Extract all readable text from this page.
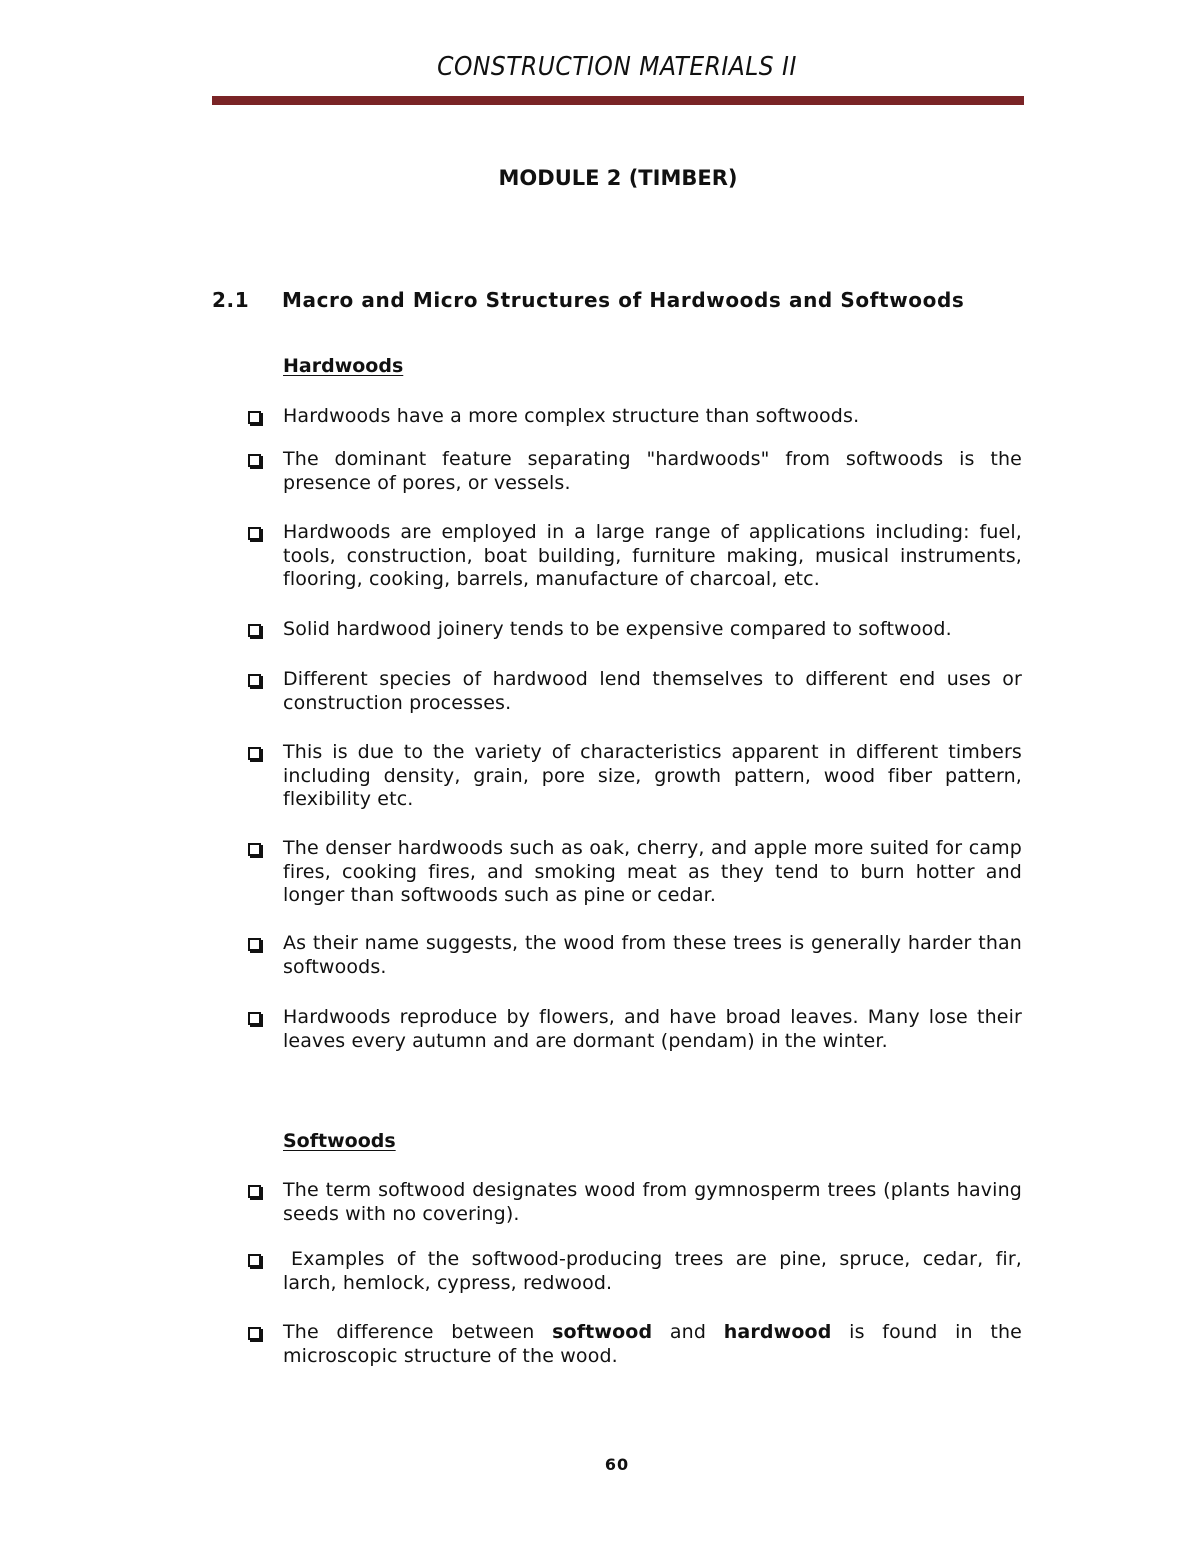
CONSTRUCTION MATERIALS II
MODULE 2 (TIMBER)
2.1 Macro and Micro Structures of Hardwoods and Softwoods
Hardwoods
Hardwoods have a more complex structure than softwoods.
The dominant feature separating "hardwoods" from softwoods is the presence of pores, or vessels.
Hardwoods are employed in a large range of applications including: fuel, tools, construction, boat building, furniture making, musical instruments, flooring, cooking, barrels, manufacture of charcoal, etc.
Solid hardwood joinery tends to be expensive compared to softwood.
Different species of hardwood lend themselves to different end uses or construction processes.
This is due to the variety of characteristics apparent in different timbers including density, grain, pore size, growth pattern, wood fiber pattern, flexibility etc.
The denser hardwoods such as oak, cherry, and apple more suited for camp fires, cooking fires, and smoking meat as they tend to burn hotter and longer than softwoods such as pine or cedar.
As their name suggests, the wood from these trees is generally harder than softwoods.
Hardwoods reproduce by flowers, and have broad leaves. Many lose their leaves every autumn and are dormant (pendam) in the winter.
Softwoods
The term softwood designates wood from gymnosperm trees (plants having seeds with no covering).
Examples of the softwood-producing trees are pine, spruce, cedar, fir, larch, hemlock, cypress, redwood.
The difference between softwood and hardwood is found in the microscopic structure of the wood.
60
